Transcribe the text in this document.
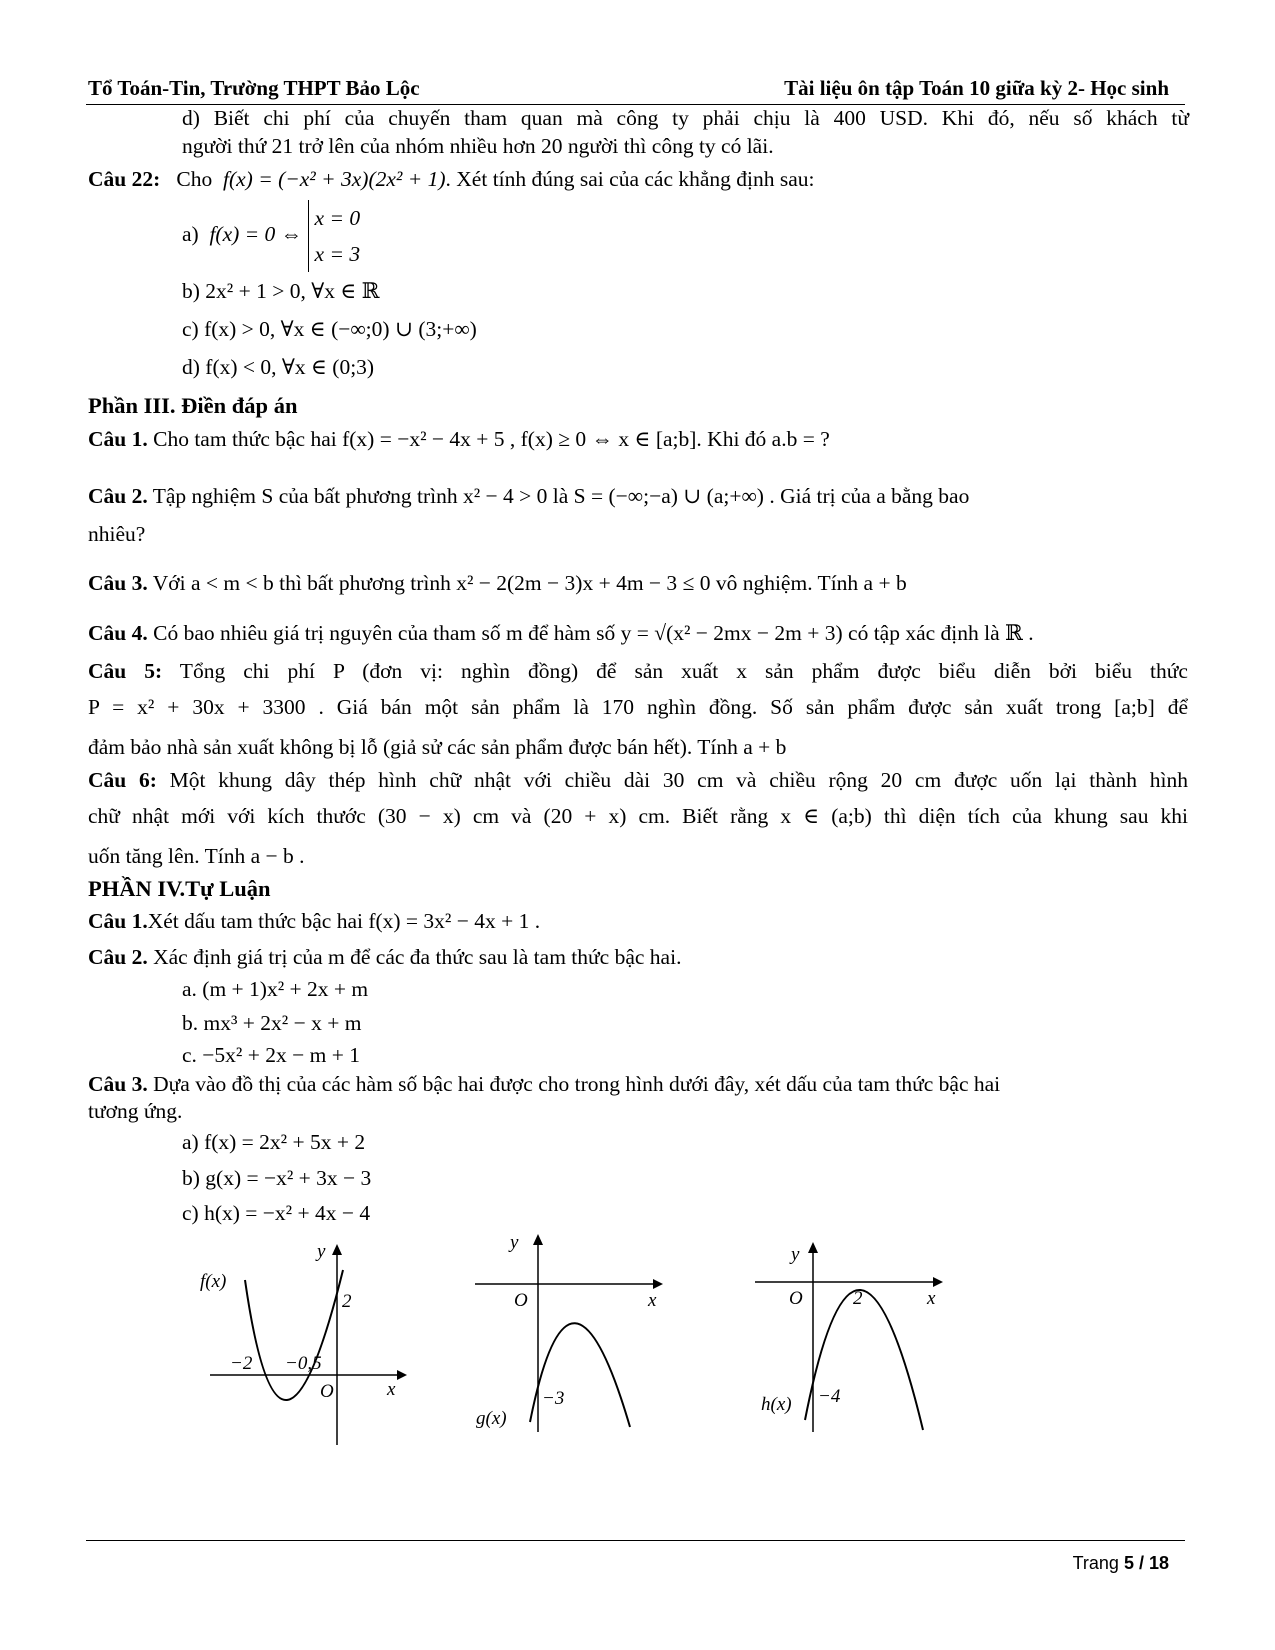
Tổ Toán-Tin, Trường THPT Bảo Lộc	Tài liệu ôn tập Toán 10 giữa kỳ 2- Học sinh
d) Biết chi phí của chuyến tham quan mà công ty phải chịu là 400 USD. Khi đó, nếu số khách từ
người thứ 21 trở lên của nhóm nhiều hơn 20 người thì công ty có lãi.
Câu 22: Cho f(x) = (−x² + 3x)(2x² + 1). Xét tính đúng sai của các khẳng định sau:
a) f(x) = 0 ⇔ x = 0
x = 3
b) 2x² + 1 > 0, ∀x ∈ ℝ
c) f(x) > 0, ∀x ∈ (−∞;0) ∪ (3;+∞)
d) f(x) < 0, ∀x ∈ (0;3)
Phần III. Điền đáp án
Câu 1. Cho tam thức bậc hai f(x) = −x² − 4x + 5 , f(x) ≥ 0 ⇔ x ∈ [a;b]. Khi đó a.b = ?
Câu 2. Tập nghiệm S của bất phương trình x² − 4 > 0 là S = (−∞;−a) ∪ (a;+∞) . Giá trị của a bằng bao
nhiêu?
Câu 3. Với a < m < b thì bất phương trình x² − 2(2m − 3)x + 4m − 3 ≤ 0 vô nghiệm. Tính a + b
Câu 4. Có bao nhiêu giá trị nguyên của tham số m để hàm số y = √(x² − 2mx − 2m + 3) có tập xác định là ℝ .
Câu 5: Tổng chi phí P (đơn vị: nghìn đồng) để sản xuất x sản phẩm được biểu diễn bởi biểu thức
P = x² + 30x + 3300 . Giá bán một sản phẩm là 170 nghìn đồng. Số sản phẩm được sản xuất trong [a;b] để
đảm bảo nhà sản xuất không bị lỗ (giả sử các sản phẩm được bán hết). Tính a + b
Câu 6: Một khung dây thép hình chữ nhật với chiều dài 30 cm và chiều rộng 20 cm được uốn lại thành hình
chữ nhật mới với kích thước (30 − x) cm và (20 + x) cm. Biết rằng x ∈ (a;b) thì diện tích của khung sau khi
uốn tăng lên. Tính a − b .
PHẦN IV.Tự Luận
Câu 1.Xét dấu tam thức bậc hai f(x) = 3x² − 4x + 1 .
Câu 2. Xác định giá trị của m để các đa thức sau là tam thức bậc hai.
a. (m + 1)x² + 2x + m
b. mx³ + 2x² − x + m
c. −5x² + 2x − m + 1
Câu 3. Dựa vào đồ thị của các hàm số bậc hai được cho trong hình dưới đây, xét dấu của tam thức bậc hai
tương ứng.
a) f(x) = 2x² + 5x + 2
b) g(x) = −x² + 3x − 3
c) h(x) = −x² + 4x − 4
f(x)
y
x
O
2
−2 −0,5
y
x
O
−3
g(x)
y
x
O	2
−4
h(x)
Trang 5 / 18
